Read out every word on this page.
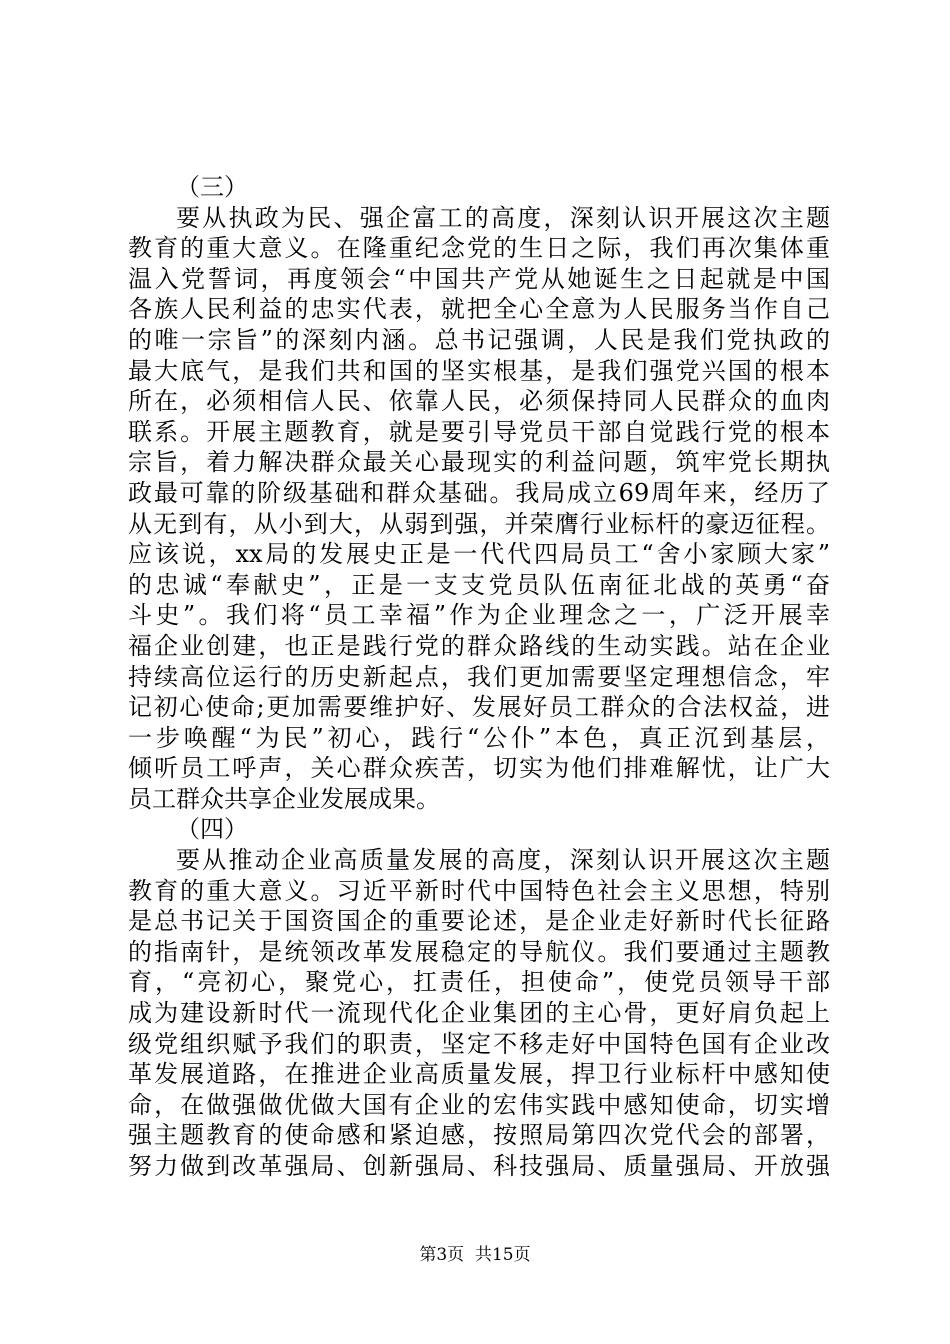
（三）
要从执政为民、强企富工的高度，深刻认识开展这次主题
教育的重大意义。在隆重纪念党的生日之际，我们再次集体重
温入党誓词，再度领会“中国共产党从她诞生之日起就是中国
各族人民利益的忠实代表，就把全心全意为人民服务当作自己
的唯一宗旨”的深刻内涵。总书记强调，人民是我们党执政的
最大底气，是我们共和国的坚实根基，是我们强党兴国的根本
所在，必须相信人民、依靠人民，必须保持同人民群众的血肉
联系。开展主题教育，就是要引导党员干部自觉践行党的根本
宗旨，着力解决群众最关心最现实的利益问题，筑牢党长期执
政最可靠的阶级基础和群众基础。我局成立69周年来，经历了
从无到有，从小到大，从弱到强，并荣膺行业标杆的豪迈征程。
应该说，xx局的发展史正是一代代四局员工“舍小家顾大家”
的忠诚“奉献史”，正是一支支党员队伍南征北战的英勇“奋
斗史”。我们将“员工幸福”作为企业理念之一，广泛开展幸
福企业创建，也正是践行党的群众路线的生动实践。站在企业
持续高位运行的历史新起点，我们更加需要坚定理想信念，牢
记初心使命;更加需要维护好、发展好员工群众的合法权益，进
一步唤醒“为民”初心，践行“公仆”本色，真正沉到基层，
倾听员工呼声，关心群众疾苦，切实为他们排难解忧，让广大
员工群众共享企业发展成果。
（四）
要从推动企业高质量发展的高度，深刻认识开展这次主题
教育的重大意义。习近平新时代中国特色社会主义思想，特别
是总书记关于国资国企的重要论述，是企业走好新时代长征路
的指南针，是统领改革发展稳定的导航仪。我们要通过主题教
育，“亮初心，聚党心，扛责任，担使命”，使党员领导干部
成为建设新时代一流现代化企业集团的主心骨，更好肩负起上
级党组织赋予我们的职责，坚定不移走好中国特色国有企业改
革发展道路，在推进企业高质量发展，捍卫行业标杆中感知使
命，在做强做优做大国有企业的宏伟实践中感知使命，切实增
强主题教育的使命感和紧迫感，按照局第四次党代会的部署，
努力做到改革强局、创新强局、科技强局、质量强局、开放强
第3页  共15页
